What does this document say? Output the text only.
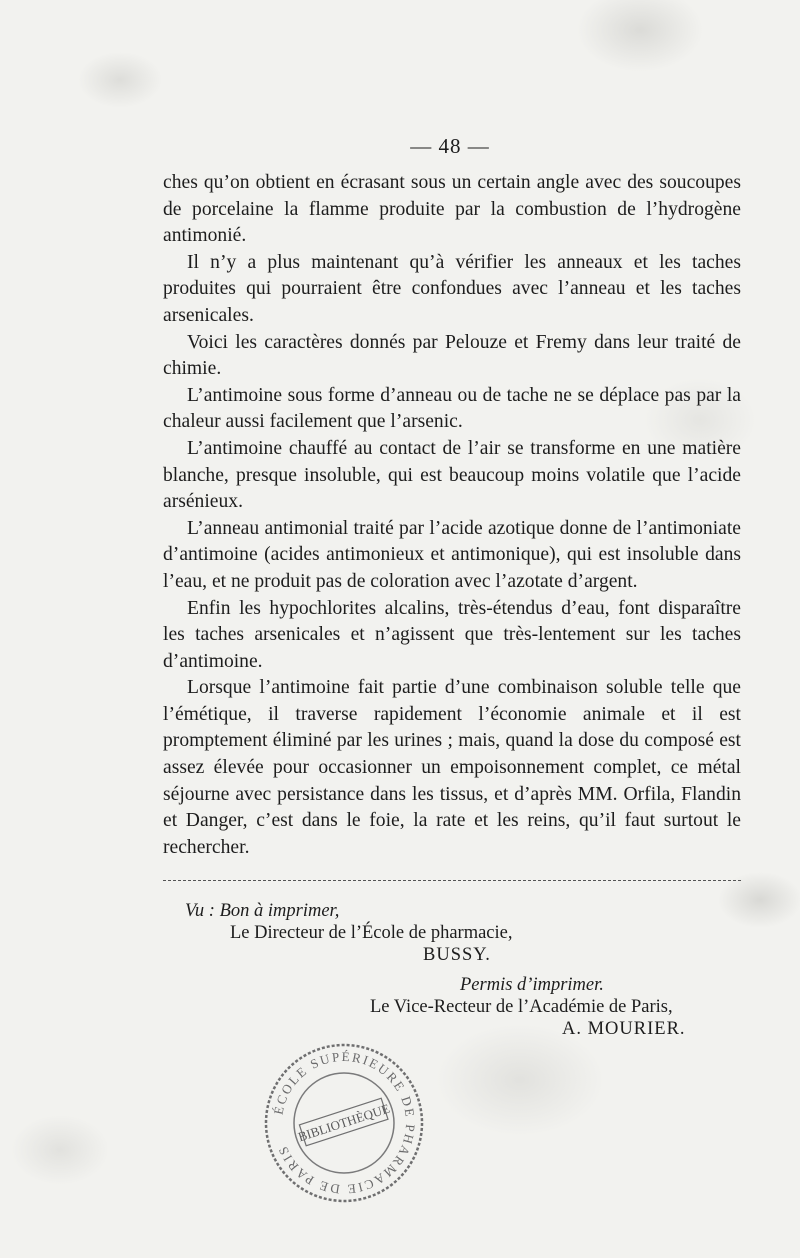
— 48 —

ches qu’on obtient en écrasant sous un certain angle avec des soucoupes de porcelaine la flamme produite par la combustion de l’hydrogène antimonié.

Il n’y a plus maintenant qu’à vérifier les anneaux et les taches produites qui pourraient être confondues avec l’anneau et les taches arsenicales.

Voici les caractères donnés par Pelouze et Fremy dans leur traité de chimie.

L’antimoine sous forme d’anneau ou de tache ne se déplace pas par la chaleur aussi facilement que l’arsenic.

L’antimoine chauffé au contact de l’air se transforme en une matière blanche, presque insoluble, qui est beaucoup moins volatile que l’acide arsénieux.

L’anneau antimonial traité par l’acide azotique donne de l’antimoniate d’antimoine (acides antimonieux et antimonique), qui est insoluble dans l’eau, et ne produit pas de coloration avec l’azotate d’argent.

Enfin les hypochlorites alcalins, très-étendus d’eau, font disparaître les taches arsenicales et n’agissent que très-lentement sur les taches d’antimoine.

Lorsque l’antimoine fait partie d’une combinaison soluble telle que l’émétique, il traverse rapidement l’économie animale et il est promptement éliminé par les urines ; mais, quand la dose du composé est assez élevée pour occasionner un empoisonnement complet, ce métal séjourne avec persistance dans les tissus, et d’après MM. Orfila, Flandin et Danger, c’est dans le foie, la rate et les reins, qu’il faut surtout le rechercher.

Vu : Bon à imprimer,

Le Directeur de l’École de pharmacie,

BUSSY.

Permis d’imprimer.

Le Vice-Recteur de l’Académie de Paris,

A. MOURIER.

ÉCOLE SUPÉRIEURE DE PHARMACIE DE PARIS
BIBLIOTHÈQUE
